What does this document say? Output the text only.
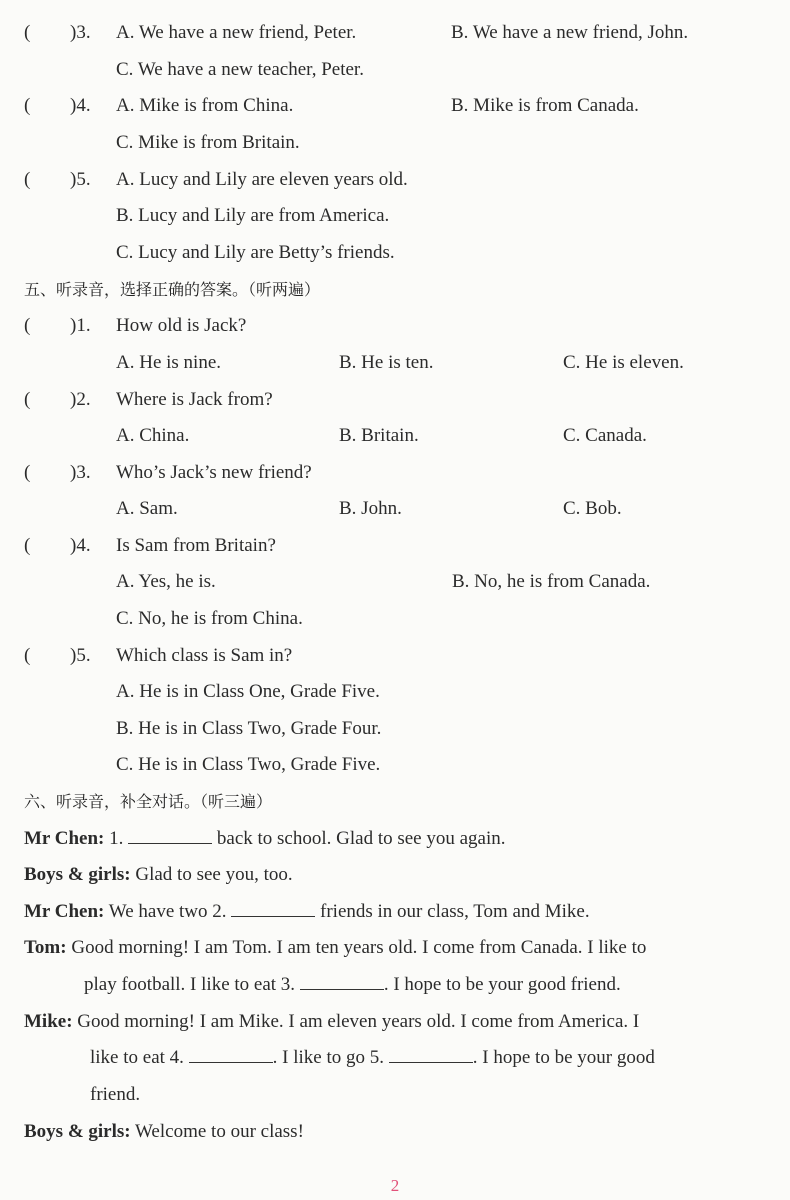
( )3. A. We have a new friend, Peter.	B. We have a new friend, John.
C. We have a new teacher, Peter.
( )4. A. Mike is from China.	B. Mike is from Canada.
C. Mike is from Britain.
( )5. A. Lucy and Lily are eleven years old.
B. Lucy and Lily are from America.
C. Lucy and Lily are Betty’s friends.
五、听录音，选择正确的答案。（听两遍）
( )1. How old is Jack?
A. He is nine.	B. He is ten.	C. He is eleven.
( )2. Where is Jack from?
A. China.	B. Britain.	C. Canada.
( )3. Who’s Jack’s new friend?
A. Sam.	B. John.	C. Bob.
( )4. Is Sam from Britain?
A. Yes, he is.	B. No, he is from Canada.
C. No, he is from China.
( )5. Which class is Sam in?
A. He is in Class One, Grade Five.
B. He is in Class Two, Grade Four.
C. He is in Class Two, Grade Five.
六、听录音，补全对话。（听三遍）
Mr Chen: 1.	back to school. Glad to see you again.
Boys & girls: Glad to see you, too.
Mr Chen: We have two 2.	friends in our class, Tom and Mike.
Tom: Good morning! I am Tom. I am ten years old. I come from Canada. I like to
play football. I like to eat 3.	. I hope to be your good friend.
Mike: Good morning! I am Mike. I am eleven years old. I come from America. I
like to eat 4.	. I like to go 5.	. I hope to be your good
friend.
Boys & girls: Welcome to our class!
2
